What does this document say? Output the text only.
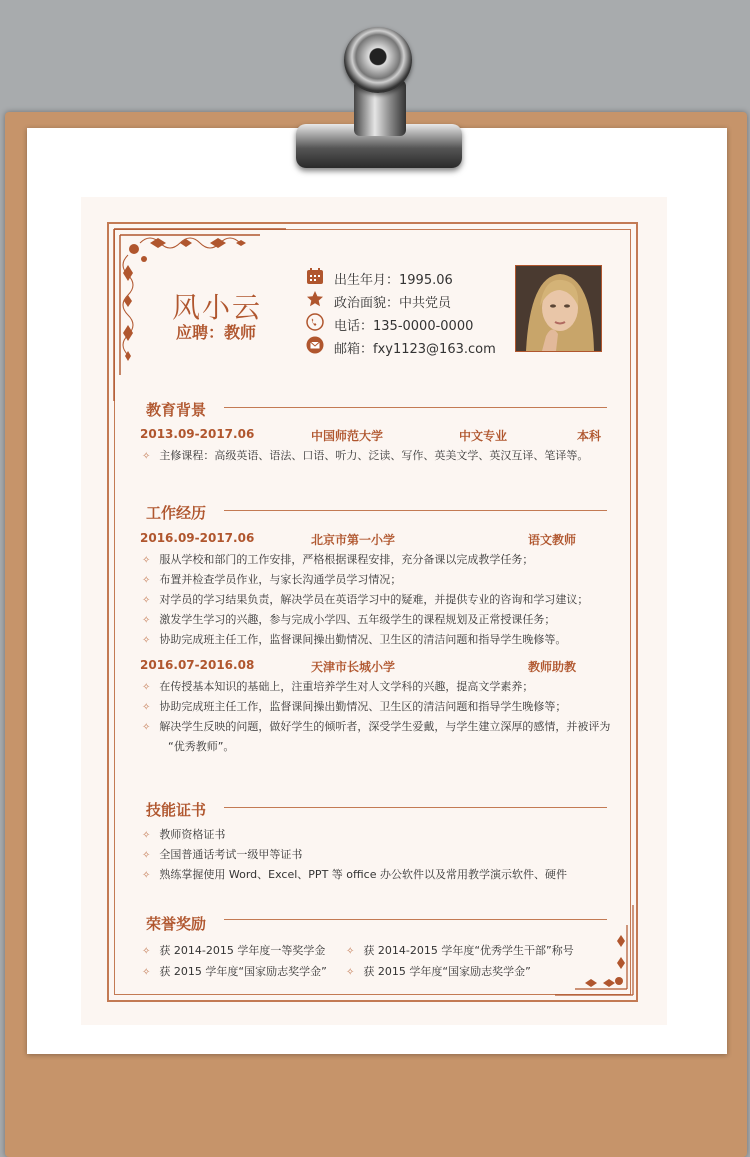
风小云
应聘：教师
出生年月：1995.06
政治面貌：中共党员
电话：135-0000-0000
邮箱：fxy1123@163.com
教育背景
2013.09-2017.06	中国师范大学	中文专业	本科
✧ 主修课程：高级英语、语法、口语、听力、泛读、写作、英美文学、英汉互译、笔译等。
工作经历
2016.09-2017.06	北京市第一小学	语文教师
✧ 服从学校和部门的工作安排，严格根据课程安排，充分备课以完成教学任务；
✧ 布置并检查学员作业，与家长沟通学员学习情况；
✧ 对学员的学习结果负责，解决学员在英语学习中的疑难，并提供专业的咨询和学习建议；
✧ 激发学生学习的兴趣，参与完成小学四、五年级学生的课程规划及正常授课任务；
✧ 协助完成班主任工作，监督课间操出勤情况、卫生区的清洁问题和指导学生晚修等。
2016.07-2016.08	天津市长城小学	教师助教
✧ 在传授基本知识的基础上，注重培养学生对人文学科的兴趣，提高文学素养；
✧ 协助完成班主任工作，监督课间操出勤情况、卫生区的清洁问题和指导学生晚修等；
✧ 解决学生反映的问题，做好学生的倾听者，深受学生爱戴，与学生建立深厚的感情，并被评为
“优秀教师”。
技能证书
✧ 教师资格证书
✧ 全国普通话考试一级甲等证书
✧ 熟练掌握使用 Word、Excel、PPT 等 office 办公软件以及常用教学演示软件、硬件
荣誉奖励
✧ 获 2014-2015 学年度一等奖学金 ✧ 获 2014-2015 学年度“优秀学生干部”称号
✧ 获 2015 学年度“国家励志奖学金” ✧ 获 2015 学年度“国家励志奖学金”
